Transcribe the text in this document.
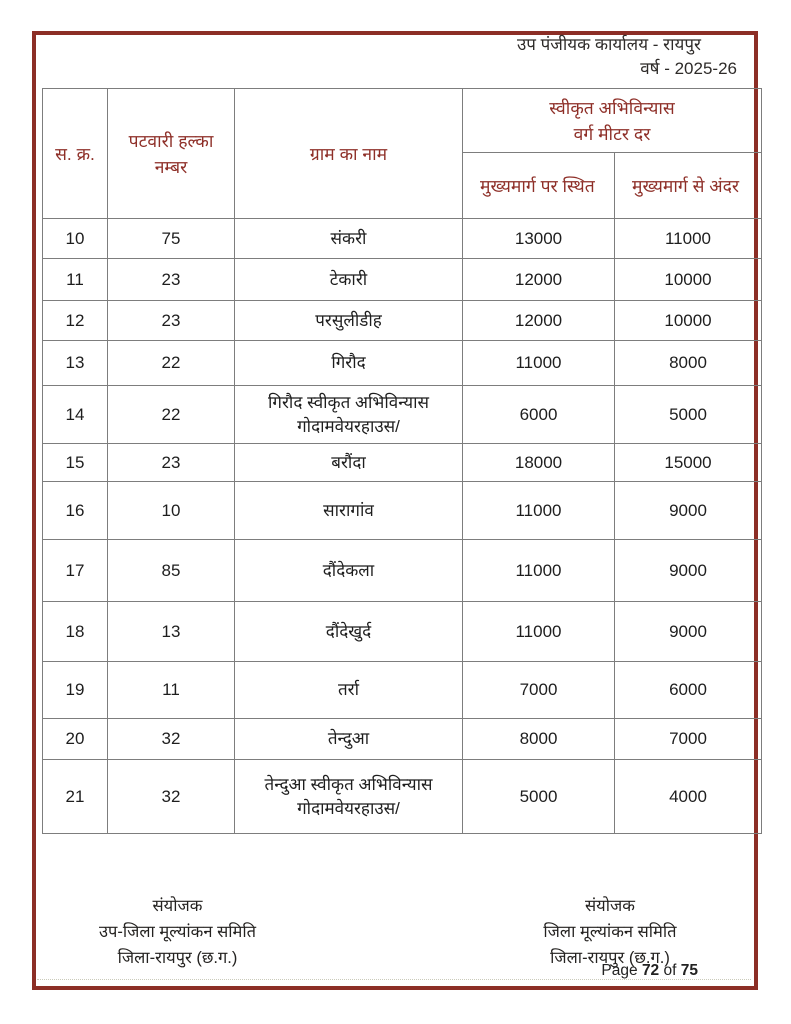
उप पंजीयक कार्यालय - रायपुर
वर्ष - 2025-26
स. क्र.	पटवारी हल्का नम्बर	ग्राम का नाम	स्वीकृत अभिविन्यास
वर्ग मीटर दर	

			मुख्यमार्ग पर स्थित	मुख्यमार्ग से अंदर
10	75	संकरी	13000	11000
11	23	टेकारी	12000	10000
12	23	परसुलीडीह	12000	10000
13	22	गिरौद	11000	8000
14	22	गिरौद स्वीकृत अभिविन्यास गोदामवेयरहाउस/	6000	5000
15	23	बरौंदा	18000	15000
16	10	सारागांव	11000	9000
17	85	दौंदेकला	11000	9000
18	13	दौंदेखुर्द	11000	9000
19	11	तर्रा	7000	6000
20	32	तेन्दुआ	8000	7000
21	32	तेन्दुआ स्वीकृत अभिविन्यास गोदामवेयरहाउस/	5000	4000
संयोजक
उप-जिला मूल्यांकन समिति
जिला-रायपुर (छ.ग.)
संयोजक
जिला मूल्यांकन समिति
जिला-रायपुर (छ.ग.)
Page 72 of 75
